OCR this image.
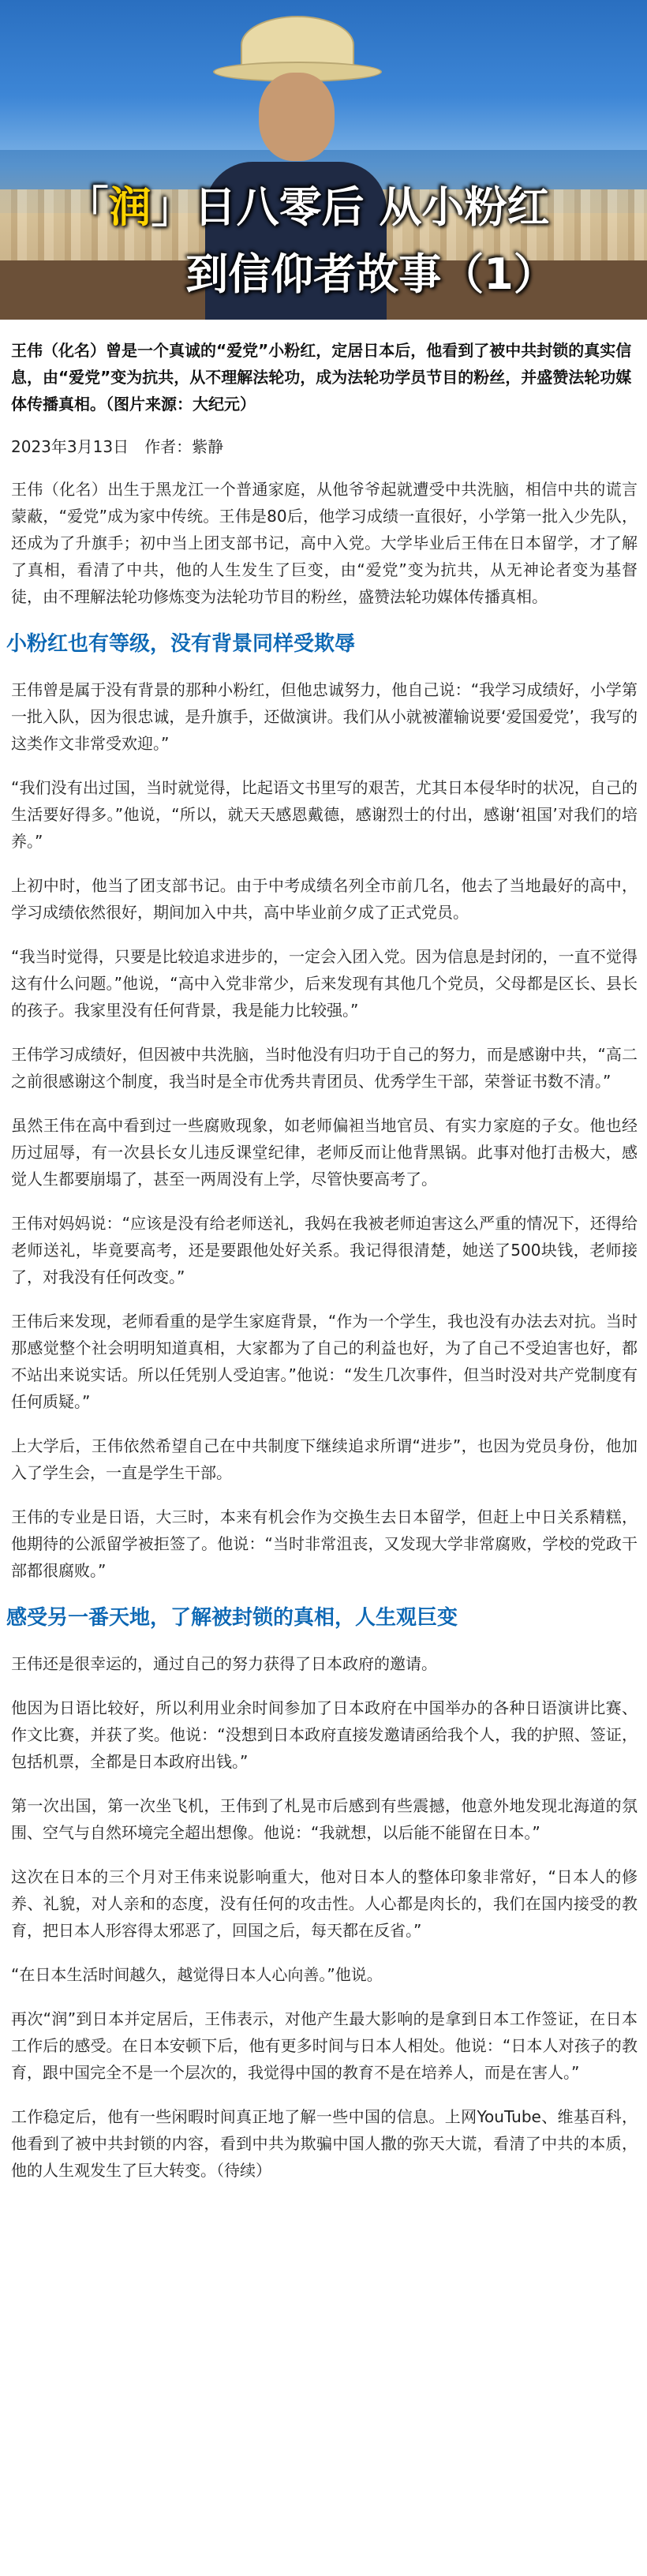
「润」日八零后 从小粉红
到信仰者故事（1）

王伟（化名）曾是一个真诚的“爱党”小粉红，定居日本后，他看到了被中共封锁的真实信息，由“爱党”变为抗共，从不理解法轮功，成为法轮功学员节目的粉丝，并盛赞法轮功媒体传播真相。（图片来源：大纪元）

2023年3月13日　作者：紫静

王伟（化名）出生于黑龙江一个普通家庭，从他爷爷起就遭受中共洗脑，相信中共的谎言蒙蔽，“爱党”成为家中传统。王伟是80后，他学习成绩一直很好，小学第一批入少先队，还成为了升旗手；初中当上团支部书记，高中入党。大学毕业后王伟在日本留学，才了解了真相，看清了中共，他的人生发生了巨变，由“爱党”变为抗共，从无神论者变为基督徒，由不理解法轮功修炼变为法轮功节目的粉丝，盛赞法轮功媒体传播真相。

小粉红也有等级，没有背景同样受欺辱

王伟曾是属于没有背景的那种小粉红，但他忠诚努力，他自己说：“我学习成绩好，小学第一批入队，因为很忠诚，是升旗手，还做演讲。我们从小就被灌输说要‘爱国爱党’，我写的这类作文非常受欢迎。”

“我们没有出过国，当时就觉得，比起语文书里写的艰苦，尤其日本侵华时的状况，自己的生活要好得多。”他说，“所以，就天天感恩戴德，感谢烈士的付出，感谢‘祖国’对我们的培养。”

上初中时，他当了团支部书记。由于中考成绩名列全市前几名，他去了当地最好的高中，学习成绩依然很好，期间加入中共，高中毕业前夕成了正式党员。

“我当时觉得，只要是比较追求进步的，一定会入团入党。因为信息是封闭的，一直不觉得这有什么问题。”他说，“高中入党非常少，后来发现有其他几个党员，父母都是区长、县长的孩子。我家里没有任何背景，我是能力比较强。”

王伟学习成绩好，但因被中共洗脑，当时他没有归功于自己的努力，而是感谢中共，“高二之前很感谢这个制度，我当时是全市优秀共青团员、优秀学生干部，荣誉证书数不清。”

虽然王伟在高中看到过一些腐败现象，如老师偏袒当地官员、有实力家庭的子女。他也经历过屈辱，有一次县长女儿违反课堂纪律，老师反而让他背黑锅。此事对他打击极大，感觉人生都要崩塌了，甚至一两周没有上学，尽管快要高考了。

王伟对妈妈说：“应该是没有给老师送礼，我妈在我被老师迫害这么严重的情况下，还得给老师送礼，毕竟要高考，还是要跟他处好关系。我记得很清楚，她送了500块钱，老师接了，对我没有任何改变。”

王伟后来发现，老师看重的是学生家庭背景，“作为一个学生，我也没有办法去对抗。当时那感觉整个社会明明知道真相，大家都为了自己的利益也好，为了自己不受迫害也好，都不站出来说实话。所以任凭别人受迫害。”他说：“发生几次事件，但当时没对共产党制度有任何质疑。”

上大学后，王伟依然希望自己在中共制度下继续追求所谓“进步”，也因为党员身份，他加入了学生会，一直是学生干部。

王伟的专业是日语，大三时，本来有机会作为交换生去日本留学，但赶上中日关系精糕，他期待的公派留学被拒签了。他说：“当时非常沮丧，又发现大学非常腐败，学校的党政干部都很腐败。”

感受另一番天地，了解被封锁的真相，人生观巨变

王伟还是很幸运的，通过自己的努力获得了日本政府的邀请。

他因为日语比较好，所以利用业余时间参加了日本政府在中国举办的各种日语演讲比赛、作文比赛，并获了奖。他说：“没想到日本政府直接发邀请函给我个人，我的护照、签证，包括机票，全都是日本政府出钱。”

第一次出国，第一次坐飞机，王伟到了札晃市后感到有些震撼，他意外地发现北海道的氛围、空气与自然环境完全超出想像。他说：“我就想，以后能不能留在日本。”

这次在日本的三个月对王伟来说影响重大，他对日本人的整体印象非常好，“日本人的修养、礼貌，对人亲和的态度，没有任何的攻击性。人心都是肉长的，我们在国内接受的教育，把日本人形容得太邪恶了，回国之后，每天都在反省。”

“在日本生活时间越久，越觉得日本人心向善。”他说。

再次“润”到日本并定居后，王伟表示，对他产生最大影响的是拿到日本工作签证，在日本工作后的感受。在日本安顿下后，他有更多时间与日本人相处。他说：“日本人对孩子的教育，跟中国完全不是一个层次的，我觉得中国的教育不是在培养人，而是在害人。”

工作稳定后，他有一些闲暇时间真正地了解一些中国的信息。上网YouTube、维基百科，他看到了被中共封锁的内容，看到中共为欺骗中国人撒的弥天大谎，看清了中共的本质，他的人生观发生了巨大转变。（待续）
